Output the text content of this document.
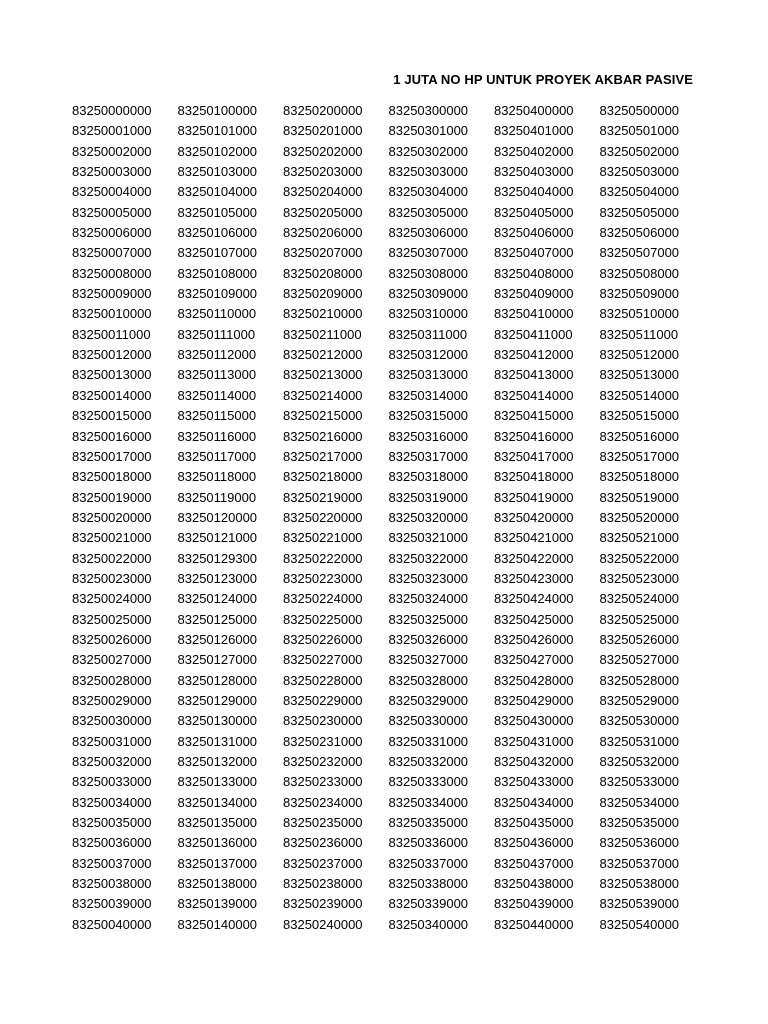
1 JUTA NO HP UNTUK PROYEK AKBAR PASIVE
83250000000
83250001000
83250002000
83250003000
83250004000
83250005000
83250006000
83250007000
83250008000
83250009000
83250010000
83250011000
83250012000
83250013000
83250014000
83250015000
83250016000
83250017000
83250018000
83250019000
83250020000
83250021000
83250022000
83250023000
83250024000
83250025000
83250026000
83250027000
83250028000
83250029000
83250030000
83250031000
83250032000
83250033000
83250034000
83250035000
83250036000
83250037000
83250038000
83250039000
83250040000
83250100000
83250101000
83250102000
83250103000
83250104000
83250105000
83250106000
83250107000
83250108000
83250109000
83250110000
83250111000
83250112000
83250113000
83250114000
83250115000
83250116000
83250117000
83250118000
83250119000
83250120000
83250121000
83250129300
83250123000
83250124000
83250125000
83250126000
83250127000
83250128000
83250129000
83250130000
83250131000
83250132000
83250133000
83250134000
83250135000
83250136000
83250137000
83250138000
83250139000
83250140000
83250200000
83250201000
83250202000
83250203000
83250204000
83250205000
83250206000
83250207000
83250208000
83250209000
83250210000
83250211000
83250212000
83250213000
83250214000
83250215000
83250216000
83250217000
83250218000
83250219000
83250220000
83250221000
83250222000
83250223000
83250224000
83250225000
83250226000
83250227000
83250228000
83250229000
83250230000
83250231000
83250232000
83250233000
83250234000
83250235000
83250236000
83250237000
83250238000
83250239000
83250240000
83250300000
83250301000
83250302000
83250303000
83250304000
83250305000
83250306000
83250307000
83250308000
83250309000
83250310000
83250311000
83250312000
83250313000
83250314000
83250315000
83250316000
83250317000
83250318000
83250319000
83250320000
83250321000
83250322000
83250323000
83250324000
83250325000
83250326000
83250327000
83250328000
83250329000
83250330000
83250331000
83250332000
83250333000
83250334000
83250335000
83250336000
83250337000
83250338000
83250339000
83250340000
83250400000
83250401000
83250402000
83250403000
83250404000
83250405000
83250406000
83250407000
83250408000
83250409000
83250410000
83250411000
83250412000
83250413000
83250414000
83250415000
83250416000
83250417000
83250418000
83250419000
83250420000
83250421000
83250422000
83250423000
83250424000
83250425000
83250426000
83250427000
83250428000
83250429000
83250430000
83250431000
83250432000
83250433000
83250434000
83250435000
83250436000
83250437000
83250438000
83250439000
83250440000
83250500000
83250501000
83250502000
83250503000
83250504000
83250505000
83250506000
83250507000
83250508000
83250509000
83250510000
83250511000
83250512000
83250513000
83250514000
83250515000
83250516000
83250517000
83250518000
83250519000
83250520000
83250521000
83250522000
83250523000
83250524000
83250525000
83250526000
83250527000
83250528000
83250529000
83250530000
83250531000
83250532000
83250533000
83250534000
83250535000
83250536000
83250537000
83250538000
83250539000
83250540000
